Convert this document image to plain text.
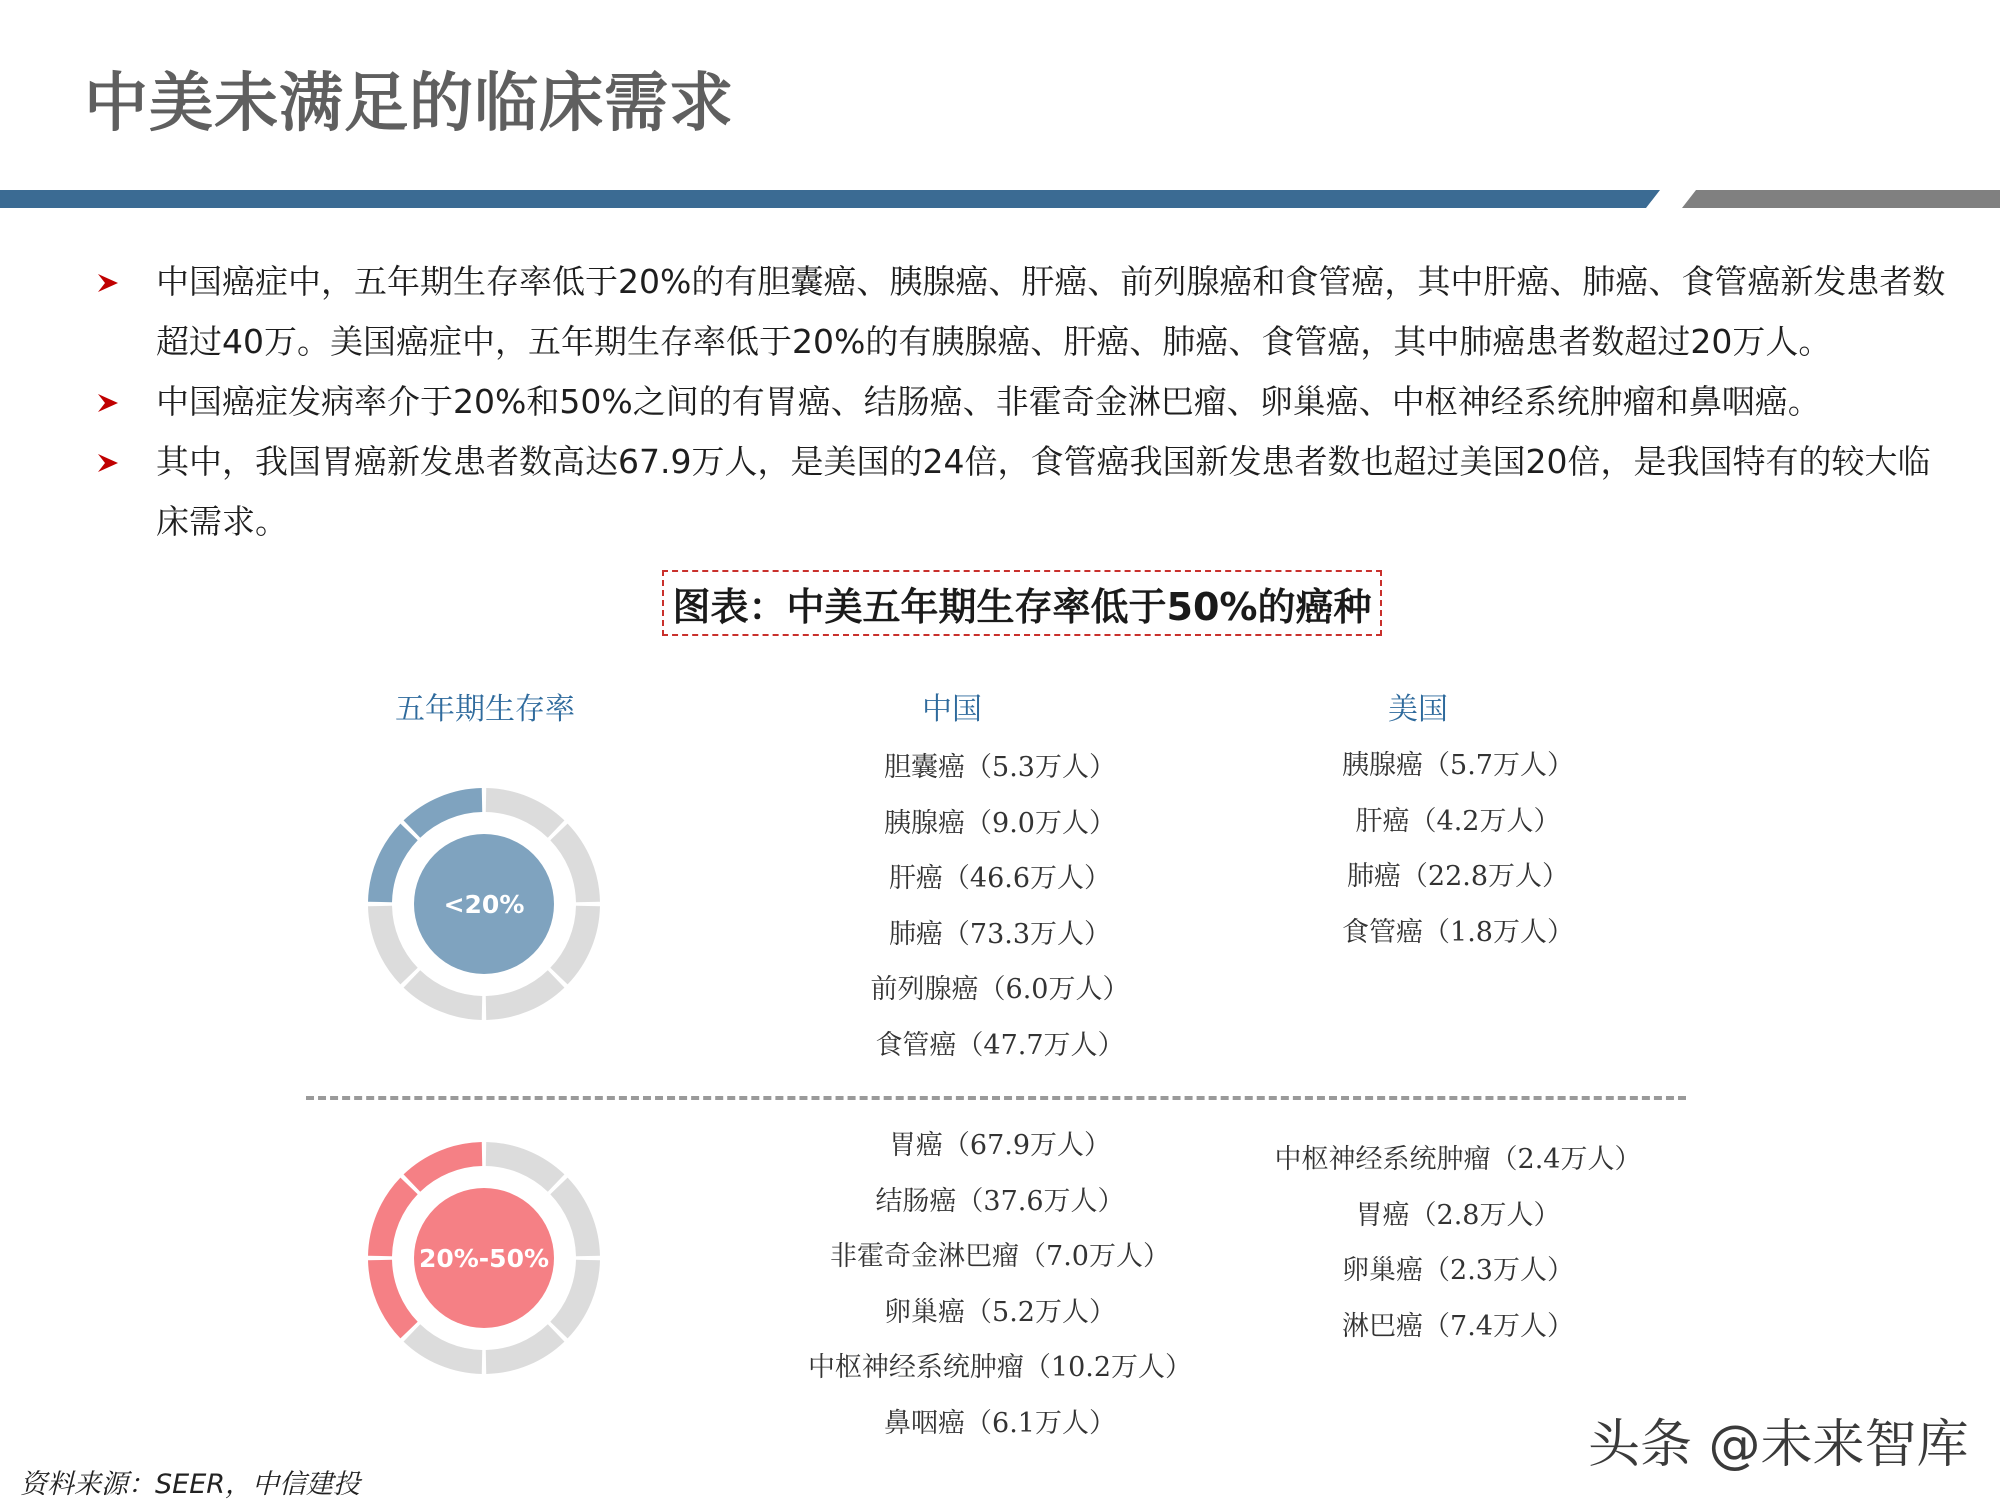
中美未满足的临床需求
中国癌症中，五年期生存率低于20%的有胆囊癌、胰腺癌、肝癌、前列腺癌和食管癌，其中肝癌、肺癌、食管癌新发患者数超过40万。美国癌症中，五年期生存率低于20%的有胰腺癌、肝癌、肺癌、食管癌，其中肺癌患者数超过20万人。
中国癌症发病率介于20%和50%之间的有胃癌、结肠癌、非霍奇金淋巴瘤、卵巢癌、中枢神经系统肿瘤和鼻咽癌。
其中，我国胃癌新发患者数高达67.9万人，是美国的24倍，食管癌我国新发患者数也超过美国20倍，是我国特有的较大临床需求。
图表：中美五年期生存率低于50%的癌种
五年期生存率	中国	美国
<20%
胆囊癌（5.3万人）
胰腺癌（9.0万人）
肝癌（46.6万人）
肺癌（73.3万人）
前列腺癌（6.0万人）
食管癌（47.7万人）
胰腺癌（5.7万人）
肝癌（4.2万人）
肺癌（22.8万人）
食管癌（1.8万人）
20%-50%
胃癌（67.9万人）
结肠癌（37.6万人）
非霍奇金淋巴瘤（7.0万人）
卵巢癌（5.2万人）
中枢神经系统肿瘤（10.2万人）
鼻咽癌（6.1万人）
中枢神经系统肿瘤（2.4万人）
胃癌（2.8万人）
卵巢癌（2.3万人）
淋巴癌（7.4万人）
资料来源：SEER，中信建投
头条 @未来智库
